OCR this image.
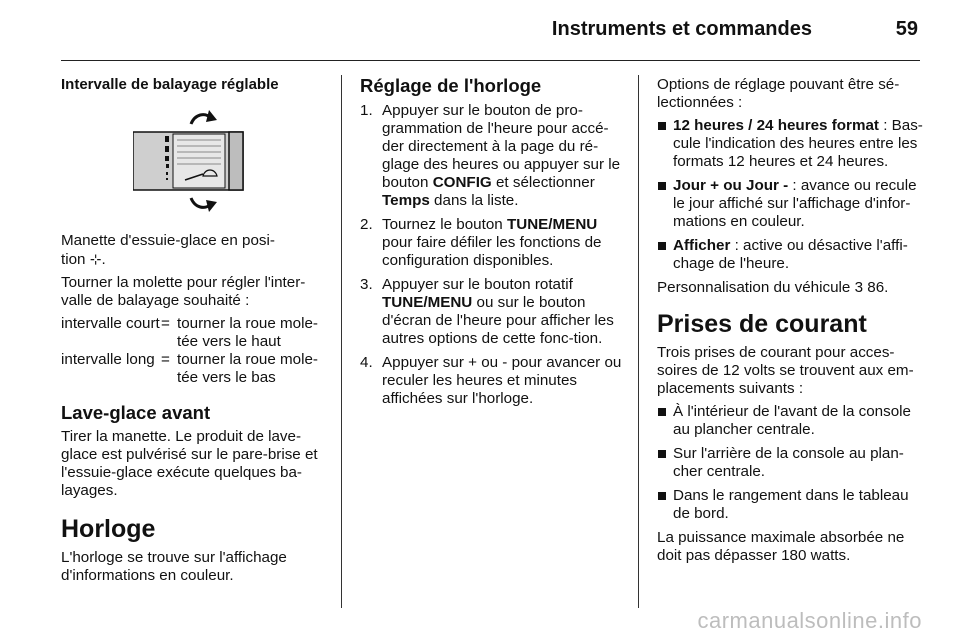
Instruments et commandes	59

Intervalle de balayage réglable

Manette d'essuie-glace en posi-
tion ⊹.

Tourner la molette pour régler l'inter-valle de balayage souhaité :

intervalle court	=	tourner la roue mole-tée vers le haut
intervalle long	=	tourner la roue mole-tée vers le bas

Lave-glace avant

Tirer la manette. Le produit de lave-glace est pulvérisé sur le pare-brise et l'essuie-glace exécute quelques ba-layages.

Horloge

L'horloge se trouve sur l'affichage d'informations en couleur.

Réglage de l'horloge

1. Appuyer sur le bouton de pro-grammation de l'heure pour accé-der directement à la page du ré-glage des heures ou appuyer sur le bouton CONFIG et sélectionner Temps dans la liste.
2. Tournez le bouton TUNE/MENU pour faire défiler les fonctions de configuration disponibles.
3. Appuyer sur le bouton rotatif TUNE/MENU ou sur le bouton d'écran de l'heure pour afficher les autres options de cette fonc-tion.
4. Appuyer sur + ou - pour avancer ou reculer les heures et minutes affichées sur l'horloge.

Options de réglage pouvant être sé-lectionnées :

12 heures / 24 heures format : Bas-cule l'indication des heures entre les formats 12 heures et 24 heures.
Jour + ou Jour - : avance ou recule le jour affiché sur l'affichage d'infor-mations en couleur.
Afficher : active ou désactive l'affi-chage de l'heure.

Personnalisation du véhicule 3 86.

Prises de courant

Trois prises de courant pour acces-soires de 12 volts se trouvent aux em-placements suivants :

À l'intérieur de l'avant de la console au plancher centrale.
Sur l'arrière de la console au plan-cher centrale.
Dans le rangement dans le tableau de bord.

La puissance maximale absorbée ne doit pas dépasser 180 watts.

carmanualsonline.info
